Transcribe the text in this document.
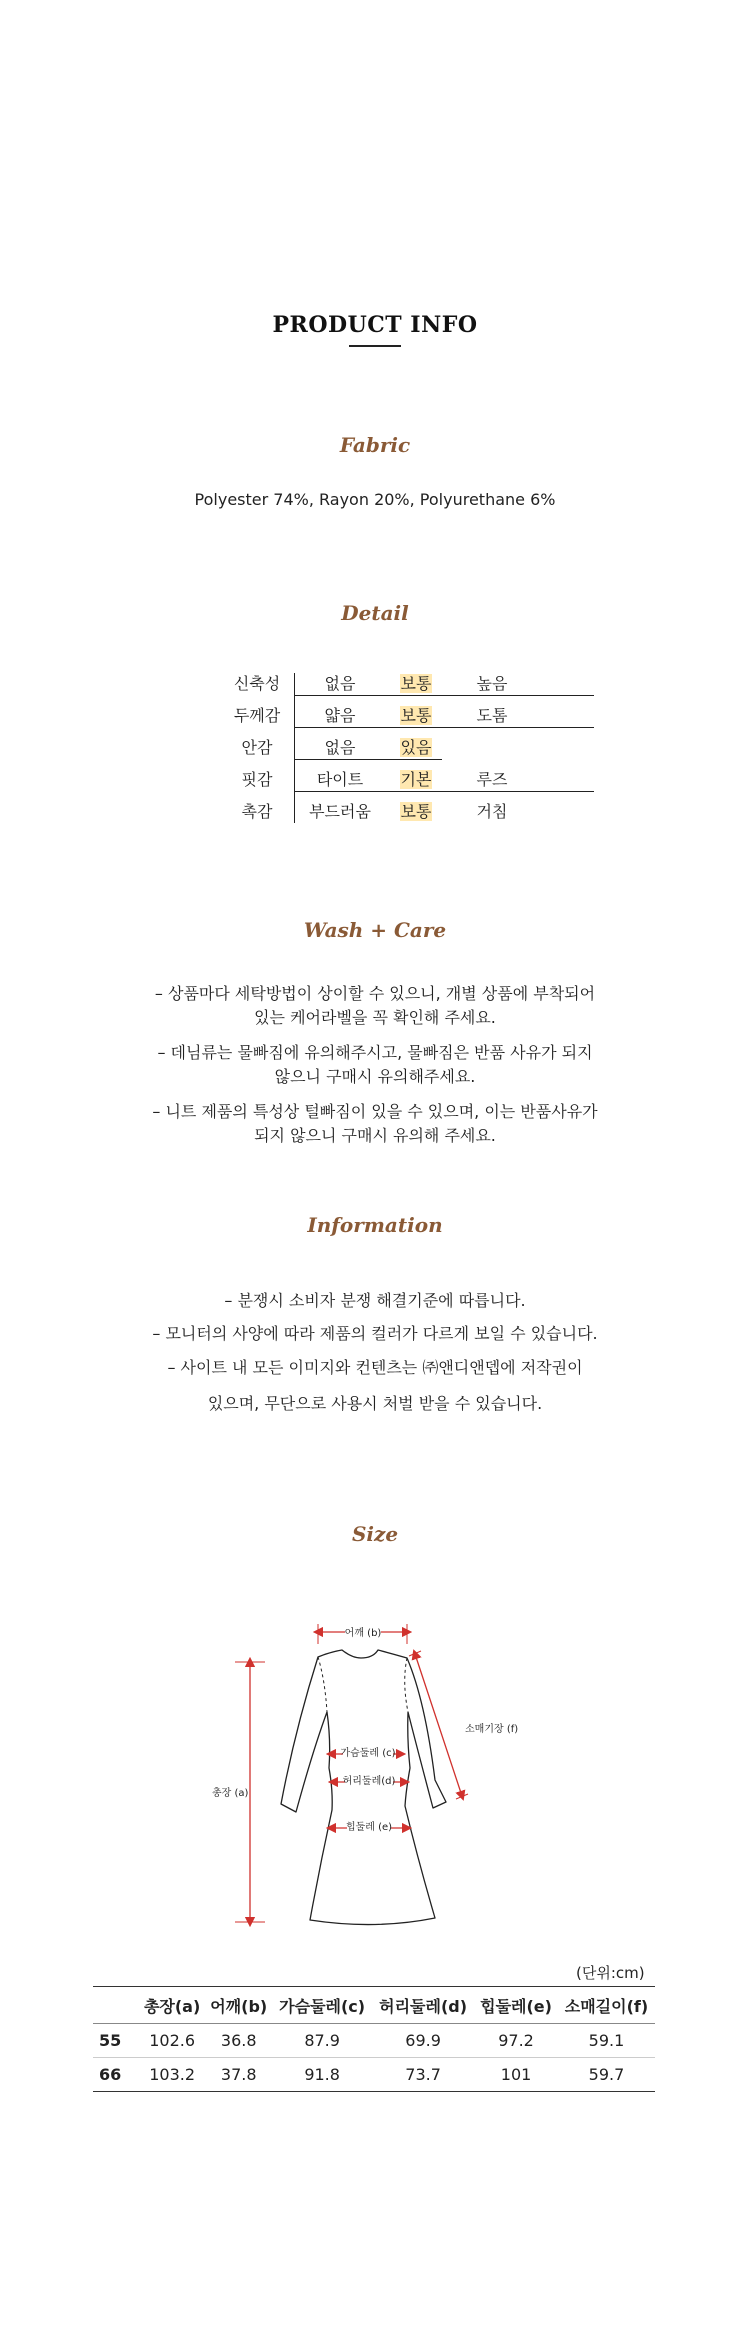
PRODUCT INFO
Fabric
Polyester 74%, Rayon 20%, Polyurethane 6%
Detail
신축성	없음	보통	높음
두께감	얇음	보통	도톰
안감	없음	있음
핏감	타이트	기본	루즈
촉감	부드러움	보통	거침
Wash + Care
– 상품마다 세탁방법이 상이할 수 있으니, 개별 상품에 부착되어
있는 케어라벨을 꼭 확인해 주세요.
– 데님류는 물빠짐에 유의해주시고, 물빠짐은 반품 사유가 되지
않으니 구매시 유의해주세요.
– 니트 제품의 특성상 털빠짐이 있을 수 있으며, 이는 반품사유가
되지 않으니 구매시 유의해 주세요.
Information
– 분쟁시 소비자 분쟁 해결기준에 따릅니다.
– 모니터의 사양에 따라 제품의 컬러가 다르게 보일 수 있습니다.
– 사이트 내 모든 이미지와 컨텐츠는 ㈜앤디앤뎁에 저작권이
있으며, 무단으로 사용시 처벌 받을 수 있습니다.
Size
어깨 (b)
소매기장 (f)
총장 (a)
가슴둘레 (c)
허리둘레(d)
힙둘레 (e)
(단위:cm)
	총장(a)	어깨(b)	가슴둘레(c)	허리둘레(d)	힙둘레(e)	소매길이(f)
55	102.6	36.8	87.9	69.9	97.2	59.1
66	103.2	37.8	91.8	73.7	101	59.7
